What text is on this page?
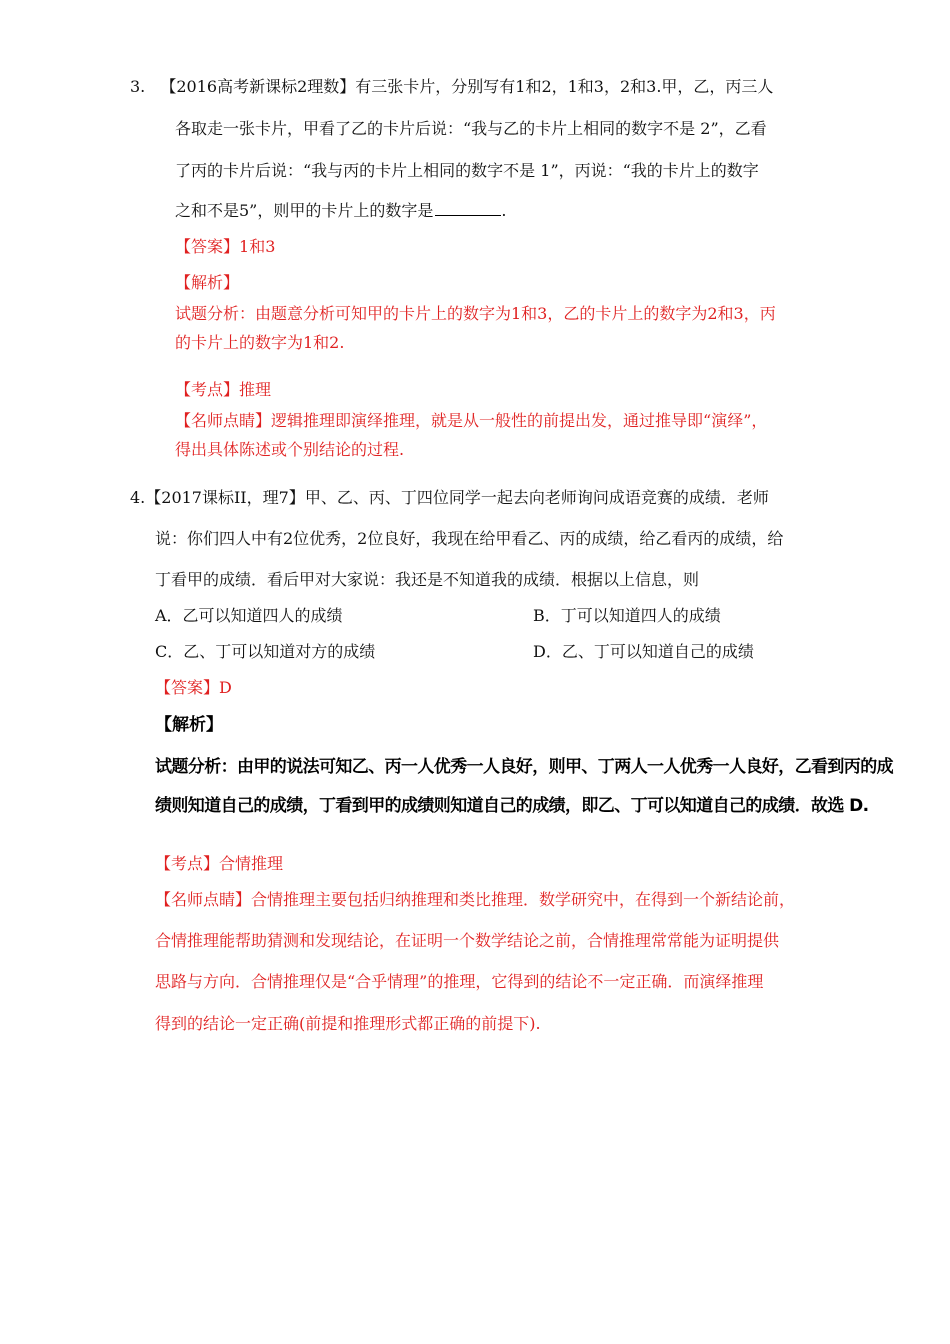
3. 【2016高考新课标2理数】有三张卡片，分别写有1和2，1和3，2和3.甲，乙，丙三人
各取走一张卡片，甲看了乙的卡片后说：“我与乙的卡片上相同的数字不是 2”，乙看
了丙的卡片后说：“我与丙的卡片上相同的数字不是 1”，丙说：“我的卡片上的数字
之和不是5”，则甲的卡片上的数字是	.
【答案】1和3
【解析】
试题分析：由题意分析可知甲的卡片上的数字为1和3，乙的卡片上的数字为2和3，丙
的卡片上的数字为1和2.
【考点】推理
【名师点睛】逻辑推理即演绎推理，就是从一般性的前提出发，通过推导即“演绎”，
得出具体陈述或个别结论的过程.
4.【2017课标II，理7】甲、乙、丙、丁四位同学一起去向老师询问成语竞赛的成绩．老师
说：你们四人中有2位优秀，2位良好，我现在给甲看乙、丙的成绩，给乙看丙的成绩，给
丁看甲的成绩．看后甲对大家说：我还是不知道我的成绩．根据以上信息，则
A．乙可以知道四人的成绩	B．丁可以知道四人的成绩
C．乙、丁可以知道对方的成绩	D．乙、丁可以知道自己的成绩
【答案】D
【解析】
试题分析：由甲的说法可知乙、丙一人优秀一人良好，则甲、丁两人一人优秀一人良好，乙看到丙的成
绩则知道自己的成绩，丁看到甲的成绩则知道自己的成绩，即乙、丁可以知道自己的成绩．故选 D.
【考点】合情推理
【名师点睛】合情推理主要包括归纳推理和类比推理．数学研究中，在得到一个新结论前，
合情推理能帮助猜测和发现结论，在证明一个数学结论之前，合情推理常常能为证明提供
思路与方向．合情推理仅是“合乎情理”的推理，它得到的结论不一定正确．而演绎推理
得到的结论一定正确(前提和推理形式都正确的前提下).
